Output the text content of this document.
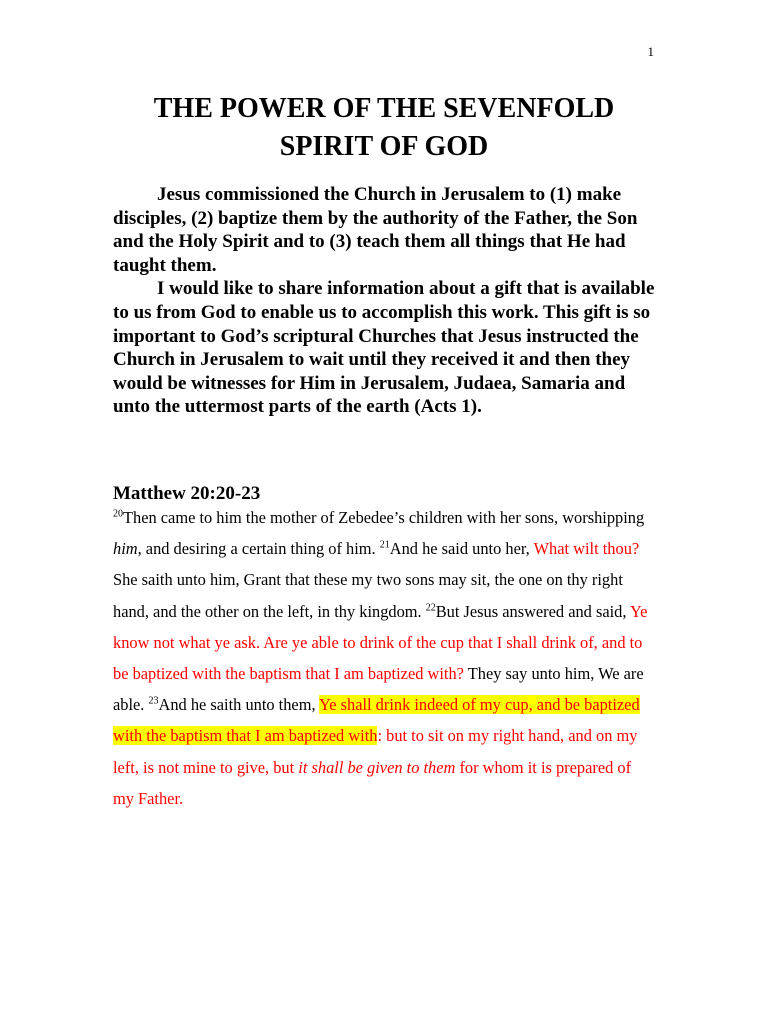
1
THE POWER OF THE SEVENFOLD
SPIRIT OF GOD

Jesus commissioned the Church in Jerusalem to (1) make disciples, (2) baptize them by the authority of the Father, the Son and the Holy Spirit and to (3) teach them all things that He had taught them.

I would like to share information about a gift that is available to us from God to enable us to accomplish this work. This gift is so important to God’s scriptural Churches that Jesus instructed the Church in Jerusalem to wait until they received it and then they would be witnesses for Him in Jerusalem, Judaea, Samaria and unto the uttermost parts of the earth (Acts 1).

Matthew 20:20-23
$^{20}$Then came to him the mother of Zebedee’s children with her sons, worshipping him, and desiring a certain thing of him. $^{21}$And he said unto her, What wilt thou? She saith unto him, Grant that these my two sons may sit, the one on thy right hand, and the other on the left, in thy kingdom. $^{22}$But Jesus answered and said, Ye know not what ye ask. Are ye able to drink of the cup that I shall drink of, and to be baptized with the baptism that I am baptized with? They say unto him, We are able. $^{23}$And he saith unto them, Ye shall drink indeed of my cup, and be baptized with the baptism that I am baptized with: but to sit on my right hand, and on my left, is not mine to give, but it shall be given to them for whom it is prepared of my Father.
